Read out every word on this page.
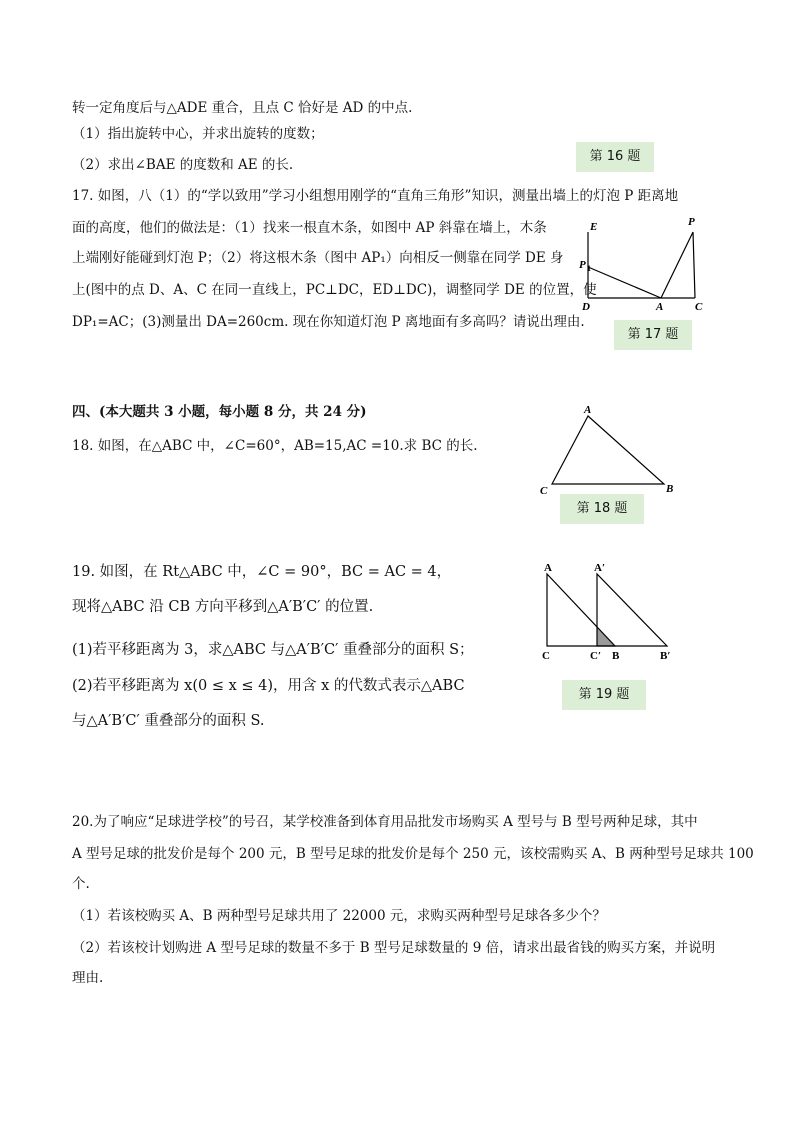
转一定角度后与△ADE 重合，且点 C 恰好是 AD 的中点.
（1）指出旋转中心，并求出旋转的度数；
（2）求出∠BAE 的度数和 AE 的长.
第 16 题
17. 如图，八（1）的“学以致用”学习小组想用刚学的“直角三角形”知识，测量出墙上的灯泡 P 距离地
面的高度，他们的做法是：（1）找来一根直木条，如图中 AP 斜靠在墙上，木条
上端刚好能碰到灯泡 P；（2）将这根木条（图中 AP₁）向相反一侧靠在同学 DE 身
上(图中的点 D、A、C 在同一直线上，PC⊥DC，ED⊥DC)，调整同学 DE 的位置，使
DP₁=AC；(3)测量出 DA=260cm. 现在你知道灯泡 P 离地面有多高吗？请说出理由.
E	P
P 1
D	A	C
第 17 题
四、(本大题共 3 小题，每小题 8 分，共 24 分)
18. 如图，在△ABC 中，∠C=60°，AB=15,AC =10.求 BC 的长.
A
C	B
第 18 题
19. 如图，在 Rt△ABC 中，∠C = 90°，BC = AC = 4，
现将△ABC 沿 CB 方向平移到△A′B′C′ 的位置.
(1)若平移距离为 3，求△ABC 与△A′B′C′ 重叠部分的面积 S；
(2)若平移距离为 x(0 ≤ x ≤ 4)，用含 x 的代数式表示△ABC
与△A′B′C′ 重叠部分的面积 S.
A	A′
C	C′ B	B′
第 19 题
20.为了响应“足球进学校”的号召，某学校准备到体育用品批发市场购买 A 型号与 B 型号两种足球，其中
A 型号足球的批发价是每个 200 元，B 型号足球的批发价是每个 250 元，该校需购买 A、B 两种型号足球共 100
个.
（1）若该校购买 A、B 两种型号足球共用了 22000 元，求购买两种型号足球各多少个？
（2）若该校计划购进 A 型号足球的数量不多于 B 型号足球数量的 9 倍，请求出最省钱的购买方案，并说明
理由.
